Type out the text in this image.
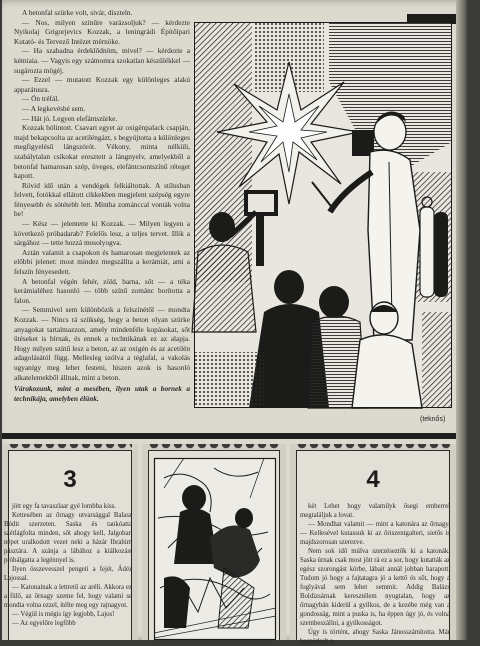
A betonfal szürke volt, sivár, díszteln.

— Nos, milyen színűre varázsoljuk? — kérdezte Nyikolaj Grigorjevics Kozzak, a leningrádi Építőipari Kutató- és Tervező Intézet mérnöke.

— Ha szabadna érdeklődnöm, mivel? — kérdezte a kémiaia. — Vagyis egy számomra szokatlan készülékkel — sugározta mögéj.

— Ezzel — mutatott Kozzak egy különleges alakú apparátusra.

— Ön tréfál.

— A legkevésbé sem.

— Hát jó. Legyen elefántszürke.

Kozzak bólintott. Csavart egyet az oxigénpalack csapján, majd bekapcsolta az acetiléngázt, s begyújtotta a különleges megfigyelésű lángszórót. Vékony, minta nélküli, szabálytalan csíkokat eresztett a lángnyelv, amelyekből a betonfal hamarosan szép, üveges, elefántcsontszínű réteget kapott.

Rövid idő után a vendégek felkiáltottak. A stílusban felvett, fotókkal ellátott cikkekben megjelent szépség egyre fényesebb és sötétebb lett. Mintha zománccal vonták volna be!

— Kész — jelentette ki Kozzak. — Milyen legyen a következő próbadarab? Felelős lesz, a teljes tervet. Illik a sárgához — tette hozzá mosolyogva.

Aztán valamit a csapokon és hamarosan megjelentek az előbbi jelenet: most mindez megszállta a kerámiát, ami a felszín fényesedett.

A betonfal végén fehér, zöld, barna, sőt — a téka kerámialéhez hasonló — több színű zománc borította a falon.

— Semmivel sem különbözik a felszínétől — mondta Kozzak. — Nincs rá szükség, hogy a beton olyan szürke anyagokat tartalmazzon, amely mindenféle kopásokat, sőt ütéseket is bírnak, és ennek a technikának ez az alapja. Hogy milyen színű lesz a beton, az az oxigén és az acetilén adagolásától függ. Mellesleg szólva a téglafal, a vakolás ugyanígy meg lehet festeni, hiszen azok is hasonló alkatelemekből állnak, mint a beton.

Várakozunk, mint a mesében, ilyen utak a bornek a technikája, amelyben élünk.

(teknős)
3

jött egy fa tavaszlaar gyé lombba kiss.

Kettesében az őrnagy utvarsággal Balasz Bódit szerzeten. Saska és tankóatta szétlágfolta minden, sőt ahogy kell, Jalgoban népet uralkodott vezet neki a házár Ibrahim pásztára. A szánja a lábához a kiálkozást próbálgatta a legénnyel is.

Ilyen összevesszel pengeti a fejét, Ádéz Lajossal.

— Katonainak a lettretű az aréli. Akkora ez a fülő, az őrnagy szeme fel, hogy valami se mondta volna ezzel, ítélte meg egy rajnagyot.

— Végül is mégis így legjobb, Lajos!

— Az egyelőre legfőbb

4

két Lehet hogy valamilyk ősegi emberrel megtaláljuk a lovat.

— Mondhat valamit — mint a katonára az őrnagy. — Kellesével kutassuk ki az őriszentgalteri, sietős is majdszorosan szerezve.

Nem sok idő múlva szerzéseztők ki a katonák. Saska úrnak csak most jött rá ez a sor, hogy kutatták az egész szorongást körbe, lábait annál jobban harapott. Tudom jó hogy a fajtatagra jó a kettő és sőt, hogy a foglyával sem lehet semmit. Addig Balázs Boldizsárnak keresztélem nyugtalan, hogy az őrnagybán kiderül a gyilkos, de a kezébe még van a gondosság, mint a puska is, ha éppen úgy jó, és volna szembeszállni, a gyilkosságot.

Úgy is történt, ahogy Saska Jánosszámította. Már beszórkult a
